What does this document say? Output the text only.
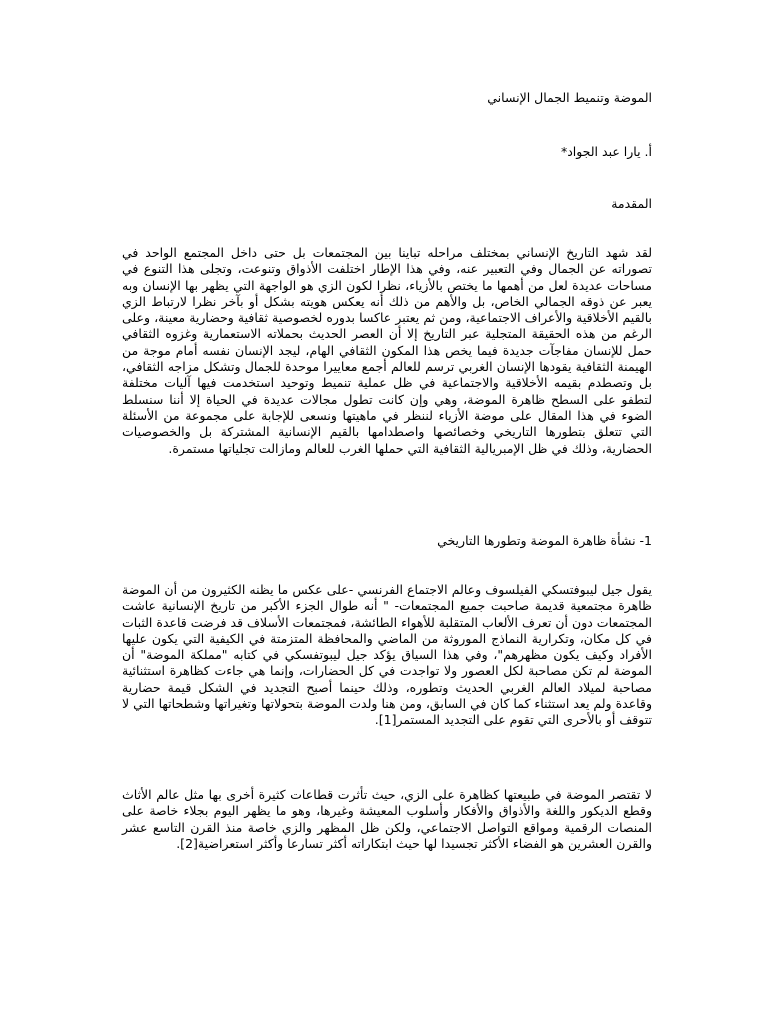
الموضة وتنميط الجمال الإنساني

أ. يارا عبد الجواد*

المقدمة

لقد شهد التاريخ الإنساني بمختلف مراحله تباينا بين المجتمعات بل حتى داخل المجتمع الواحد في تصوراته عن الجمال وفي التعبير عنه، وفي هذا الإطار اختلفت الأذواق وتنوعت، وتجلى هذا التنوع في مساحات عديدة لعل من أهمها ما يختص بالأزياء، نظرا لكون الزي هو الواجهة التي يظهر بها الإنسان وبه يعبر عن ذوقه الجمالي الخاص، بل والأهم من ذلك أنه يعكس هويته بشكل أو بآخر نظرا لارتباط الزي بالقيم الأخلاقية والأعراف الاجتماعية، ومن ثم يعتبر عاكسا بدوره لخصوصية ثقافية وحضارية معينة، وعلى الرغم من هذه الحقيقة المتجلية عبر التاريخ إلا أن العصر الحديث بحملاته الاستعمارية وغزوه الثقافي حمل للإنسان مفاجآت جديدة فيما يخص هذا المكون الثقافي الهام، ليجد الإنسان نفسه أمام موجة من الهيمنة الثقافية يقودها الإنسان الغربي ترسم للعالم أجمع معاييرا موحدة للجمال وتشكل مزاجه الثقافي، بل وتصطدم بقيمه الأخلاقية والاجتماعية في ظل عملية تنميط وتوحيد استخدمت فيها آليات مختلفة لتطفو على السطح ظاهرة الموضة، وهي وإن كانت تطول مجالات عديدة في الحياة إلا أننا سنسلط الضوء في هذا المقال على موضة الأزياء لننظر في ماهيتها ونسعى للإجابة على مجموعة من الأسئلة التي تتعلق بتطورها التاريخي وخصائصها واصطدامها بالقيم الإنسانية المشتركة بل والخصوصيات الحضارية، وذلك في ظل الإمبريالية الثقافية التي حملها الغرب للعالم ومازالت تجلياتها مستمرة.

1- نشأة ظاهرة الموضة وتطورها التاريخي

يقول جيل ليبوفتسكي الفيلسوف وعالم الاجتماع الفرنسي -على عكس ما يظنه الكثيرون من أن الموضة ظاهرة مجتمعية قديمة صاحبت جميع المجتمعات- " أنه طوال الجزء الأكبر من تاريخ الإنسانية عاشت المجتمعات دون أن تعرف الألعاب المتقلبة للأهواء الطائشة، فمجتمعات الأسلاف قد فرضت قاعدة الثبات في كل مكان، وتكرارية النماذج الموروثة من الماضي والمحافظة المتزمتة في الكيفية التي يكون عليها الأفراد وكيف يكون مظهرهم"، وفي هذا السياق يؤكد جيل ليبوتفسكي في كتابه "مملكة الموضة" أن الموضة لم تكن مصاحبة لكل العصور ولا تواجدت في كل الحضارات، وإنما هي جاءت كظاهرة استثنائية مصاحبة لميلاد العالم الغربي الحديث وتطوره، وذلك حينما أصبح التجديد في الشكل قيمة حضارية وقاعدة ولم يعد استثناء كما كان في السابق، ومن هنا ولدت الموضة بتحولاتها وتغيراتها وشطحاتها التي لا تتوقف أو بالأحرى التي تقوم على التجديد المستمر[1].

لا تقتصر الموضة في طبيعتها كظاهرة على الزي، حيث تأثرت قطاعات كثيرة أخرى بها مثل عالم الأثاث وقطع الديكور واللغة والأذواق والأفكار وأسلوب المعيشة وغيرها، وهو ما يظهر اليوم بجلاء خاصة على المنصات الرقمية ومواقع التواصل الاجتماعي، ولكن ظل المظهر والزي خاصة منذ القرن التاسع عشر والقرن العشرين هو الفضاء الأكثر تجسيدا لها حيث ابتكاراته أكثر تسارعا وأكثر استعراضية[2].
